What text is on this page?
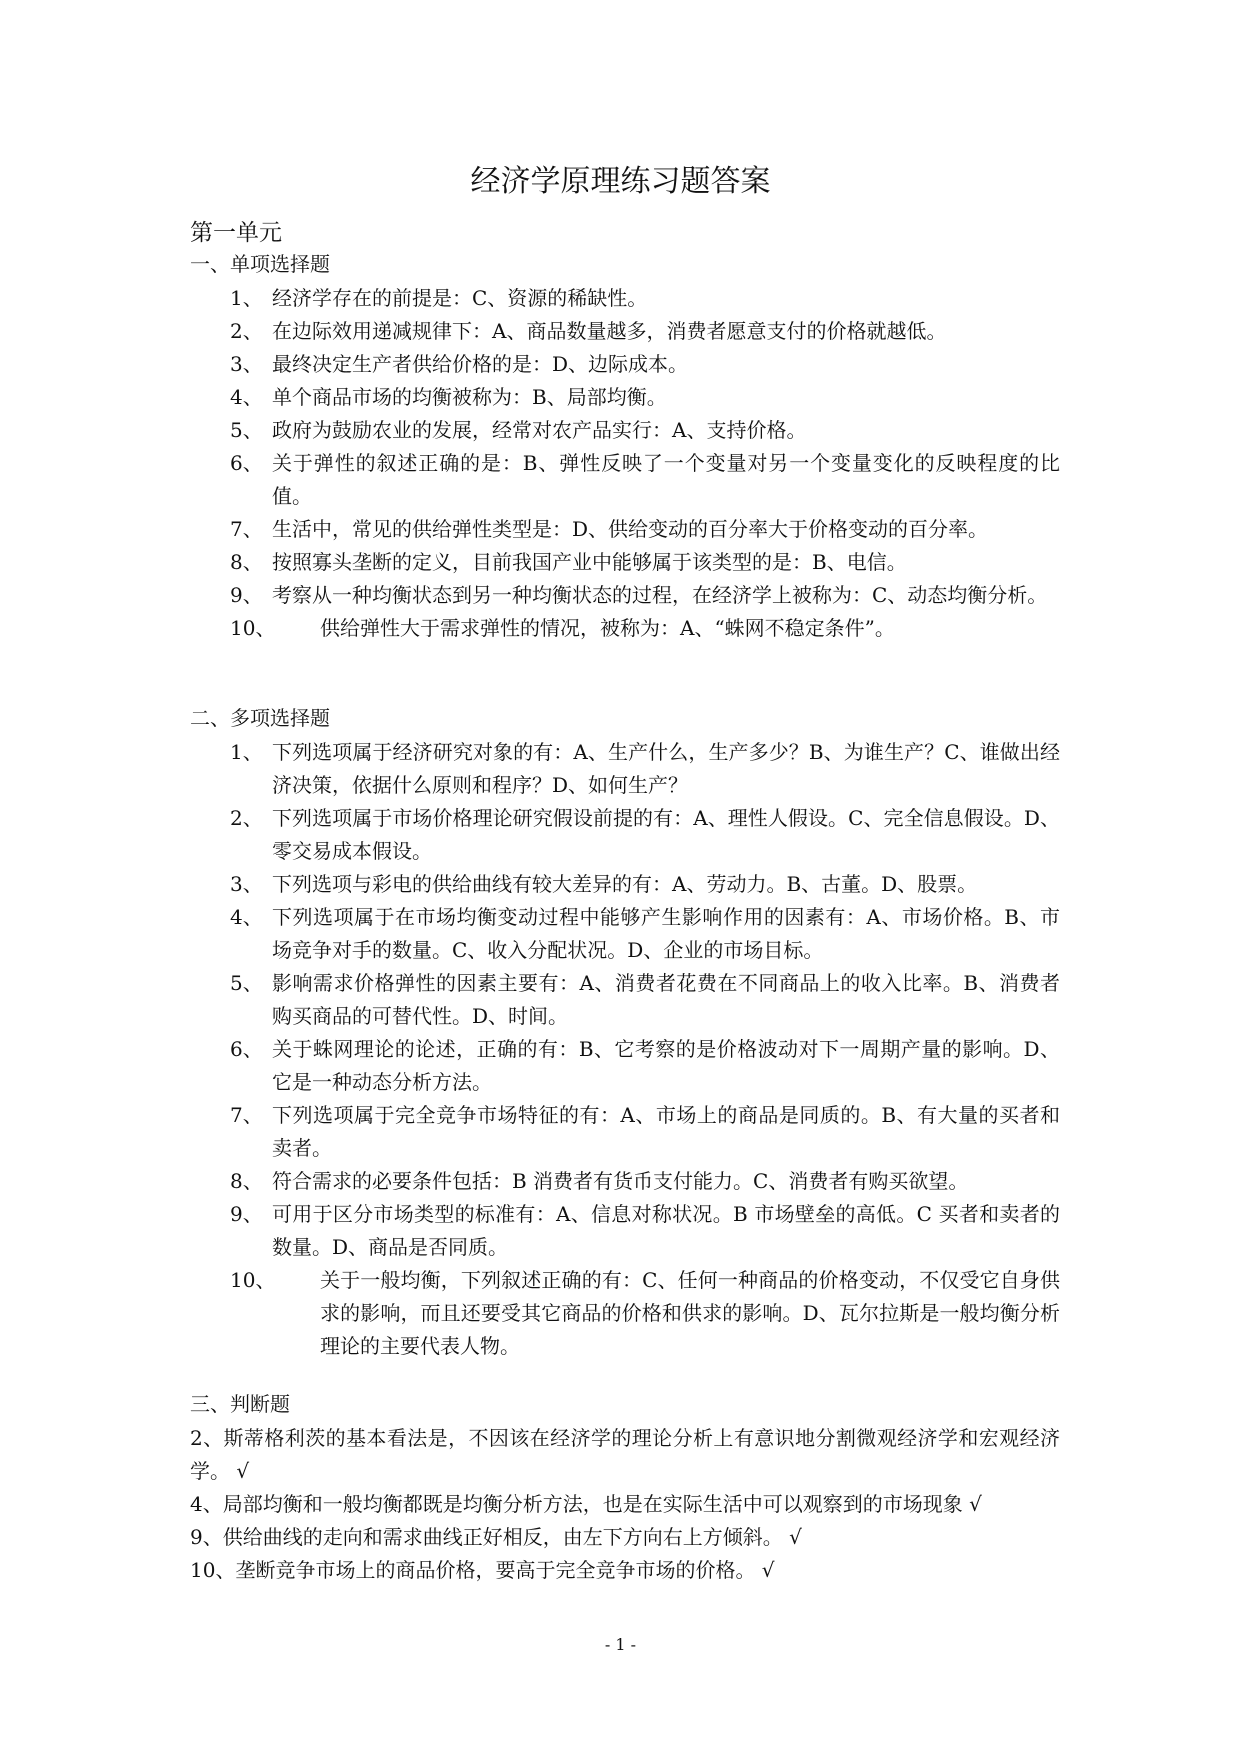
经济学原理练习题答案
第一单元
一、单项选择题
1、 经济学存在的前提是：C、资源的稀缺性。
2、 在边际效用递减规律下：A、商品数量越多，消费者愿意支付的价格就越低。
3、 最终决定生产者供给价格的是：D、边际成本。
4、 单个商品市场的均衡被称为：B、局部均衡。
5、 政府为鼓励农业的发展，经常对农产品实行：A、支持价格。
6、 关于弹性的叙述正确的是：B、弹性反映了一个变量对另一个变量变化的反映程度的比值。
7、 生活中，常见的供给弹性类型是：D、供给变动的百分率大于价格变动的百分率。
8、 按照寡头垄断的定义，目前我国产业中能够属于该类型的是：B、电信。
9、 考察从一种均衡状态到另一种均衡状态的过程，在经济学上被称为：C、动态均衡分析。
10、	供给弹性大于需求弹性的情况，被称为：A、“蛛网不稳定条件”。
二、多项选择题
1、 下列选项属于经济研究对象的有：A、生产什么，生产多少？B、为谁生产？C、谁做出经济决策，依据什么原则和程序？D、如何生产？
2、 下列选项属于市场价格理论研究假设前提的有：A、理性人假设。C、完全信息假设。D、零交易成本假设。
3、 下列选项与彩电的供给曲线有较大差异的有：A、劳动力。B、古董。D、股票。
4、 下列选项属于在市场均衡变动过程中能够产生影响作用的因素有：A、市场价格。B、市场竞争对手的数量。C、收入分配状况。D、企业的市场目标。
5、 影响需求价格弹性的因素主要有：A、消费者花费在不同商品上的收入比率。B、消费者购买商品的可替代性。D、时间。
6、 关于蛛网理论的论述，正确的有：B、它考察的是价格波动对下一周期产量的影响。D、它是一种动态分析方法。
7、 下列选项属于完全竞争市场特征的有：A、市场上的商品是同质的。B、有大量的买者和卖者。
8、 符合需求的必要条件包括：B 消费者有货币支付能力。C、消费者有购买欲望。
9、 可用于区分市场类型的标准有：A、信息对称状况。B 市场壁垒的高低。C 买者和卖者的数量。D、商品是否同质。
10、	关于一般均衡，下列叙述正确的有：C、任何一种商品的价格变动，不仅受它自身供求的影响，而且还要受其它商品的价格和供求的影响。D、瓦尔拉斯是一般均衡分析理论的主要代表人物。
三、判断题
2、斯蒂格利茨的基本看法是，不因该在经济学的理论分析上有意识地分割微观经济学和宏观经济学。 √
4、局部均衡和一般均衡都既是均衡分析方法，也是在实际生活中可以观察到的市场现象 √
9、供给曲线的走向和需求曲线正好相反，由左下方向右上方倾斜。 √
10、垄断竞争市场上的商品价格，要高于完全竞争市场的价格。 √
- 1 -
